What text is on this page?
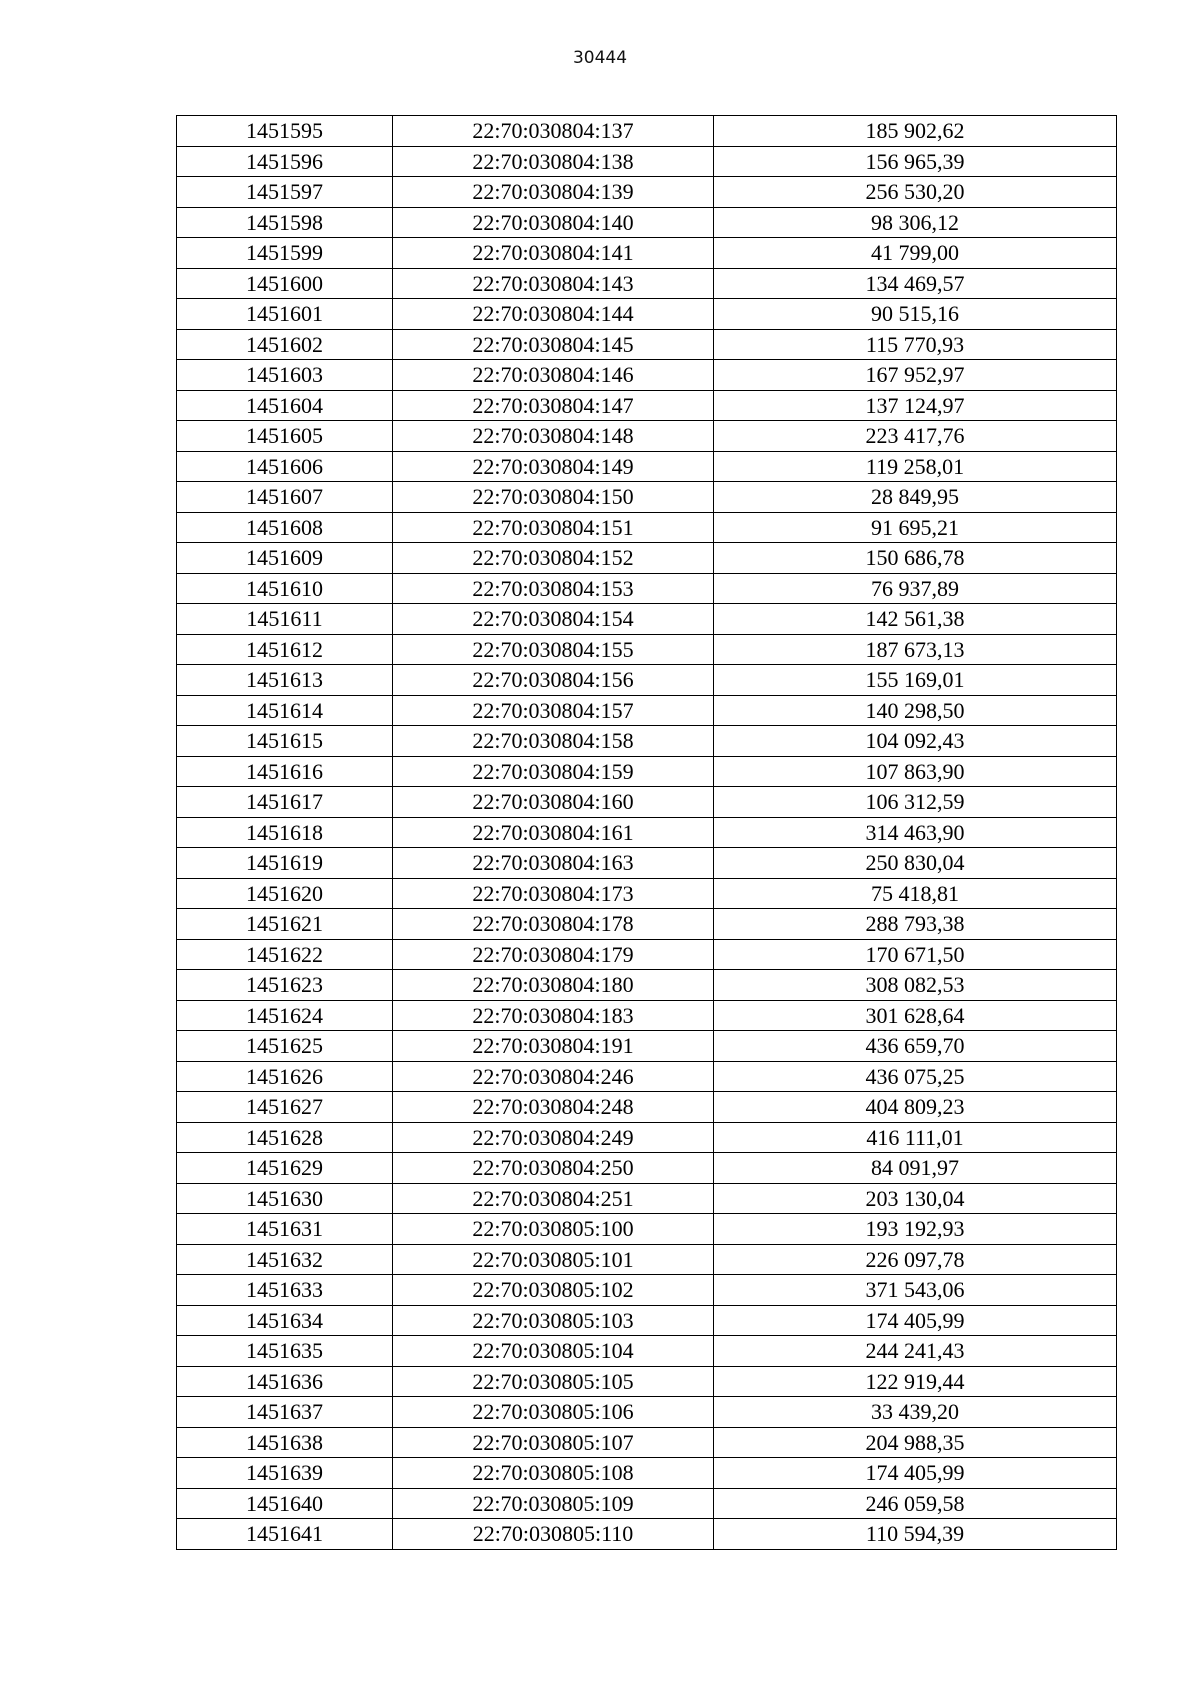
30444
1451595	22:70:030804:137	185 902,62
1451596	22:70:030804:138	156 965,39
1451597	22:70:030804:139	256 530,20
1451598	22:70:030804:140	98 306,12
1451599	22:70:030804:141	41 799,00
1451600	22:70:030804:143	134 469,57
1451601	22:70:030804:144	90 515,16
1451602	22:70:030804:145	115 770,93
1451603	22:70:030804:146	167 952,97
1451604	22:70:030804:147	137 124,97
1451605	22:70:030804:148	223 417,76
1451606	22:70:030804:149	119 258,01
1451607	22:70:030804:150	28 849,95
1451608	22:70:030804:151	91 695,21
1451609	22:70:030804:152	150 686,78
1451610	22:70:030804:153	76 937,89
1451611	22:70:030804:154	142 561,38
1451612	22:70:030804:155	187 673,13
1451613	22:70:030804:156	155 169,01
1451614	22:70:030804:157	140 298,50
1451615	22:70:030804:158	104 092,43
1451616	22:70:030804:159	107 863,90
1451617	22:70:030804:160	106 312,59
1451618	22:70:030804:161	314 463,90
1451619	22:70:030804:163	250 830,04
1451620	22:70:030804:173	75 418,81
1451621	22:70:030804:178	288 793,38
1451622	22:70:030804:179	170 671,50
1451623	22:70:030804:180	308 082,53
1451624	22:70:030804:183	301 628,64
1451625	22:70:030804:191	436 659,70
1451626	22:70:030804:246	436 075,25
1451627	22:70:030804:248	404 809,23
1451628	22:70:030804:249	416 111,01
1451629	22:70:030804:250	84 091,97
1451630	22:70:030804:251	203 130,04
1451631	22:70:030805:100	193 192,93
1451632	22:70:030805:101	226 097,78
1451633	22:70:030805:102	371 543,06
1451634	22:70:030805:103	174 405,99
1451635	22:70:030805:104	244 241,43
1451636	22:70:030805:105	122 919,44
1451637	22:70:030805:106	33 439,20
1451638	22:70:030805:107	204 988,35
1451639	22:70:030805:108	174 405,99
1451640	22:70:030805:109	246 059,58
1451641	22:70:030805:110	110 594,39
